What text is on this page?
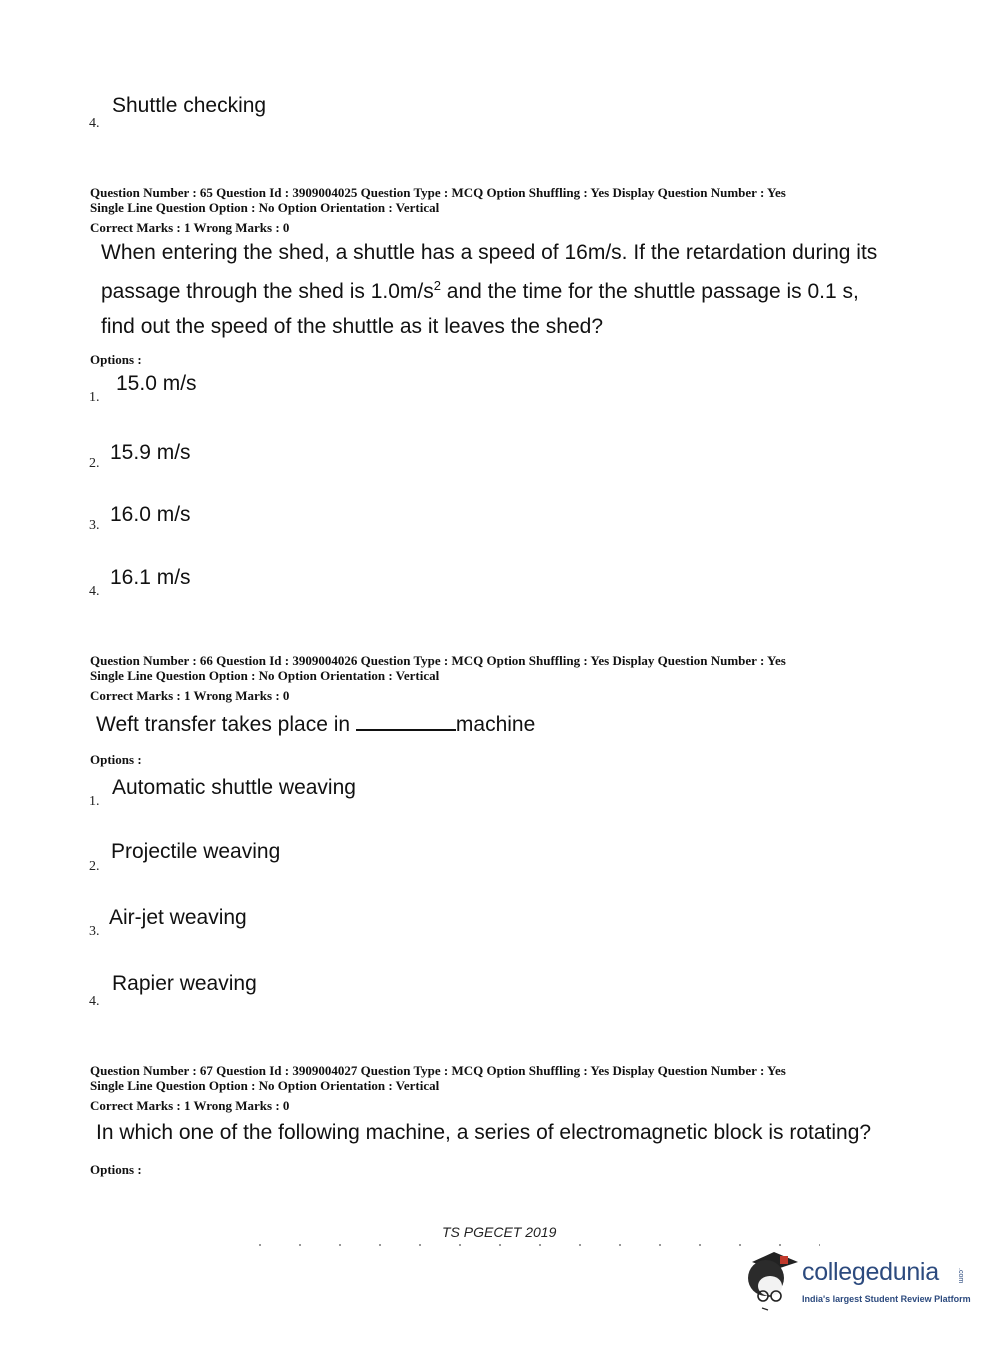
4.
Shuttle checking
Question Number : 65 Question Id : 3909004025 Question Type : MCQ Option Shuffling : Yes Display Question Number : Yes
Single Line Question Option : No Option Orientation : Vertical
Correct Marks : 1 Wrong Marks : 0
When entering the shed, a shuttle has a speed of 16m/s. If the retardation during its
passage through the shed is $1.0m/s^2$ and the time for the shuttle passage is 0.1 s,
find out the speed of the shuttle as it leaves the shed?
Options :
1.
15.0 m/s
2. 15.9 m/s
3. 16.0 m/s
4.
16.1 m/s
Question Number : 66 Question Id : 3909004026 Question Type : MCQ Option Shuffling : Yes Display Question Number : Yes
Single Line Question Option : No Option Orientation : Vertical
Correct Marks : 1 Wrong Marks : 0
Weft transfer takes place in	machine
Options :
1.
Automatic shuttle weaving
2.
Projectile weaving
3.
Air-jet weaving
4.
Rapier weaving
Question Number : 67 Question Id : 3909004027 Question Type : MCQ Option Shuffling : Yes Display Question Number : Yes
Single Line Question Option : No Option Orientation : Vertical
Correct Marks : 1 Wrong Marks : 0
In which one of the following machine, a series of electromagnetic block is rotating?
Options :
TS PGECET 2019
collegedunia	.com
India's largest Student Review Platform
